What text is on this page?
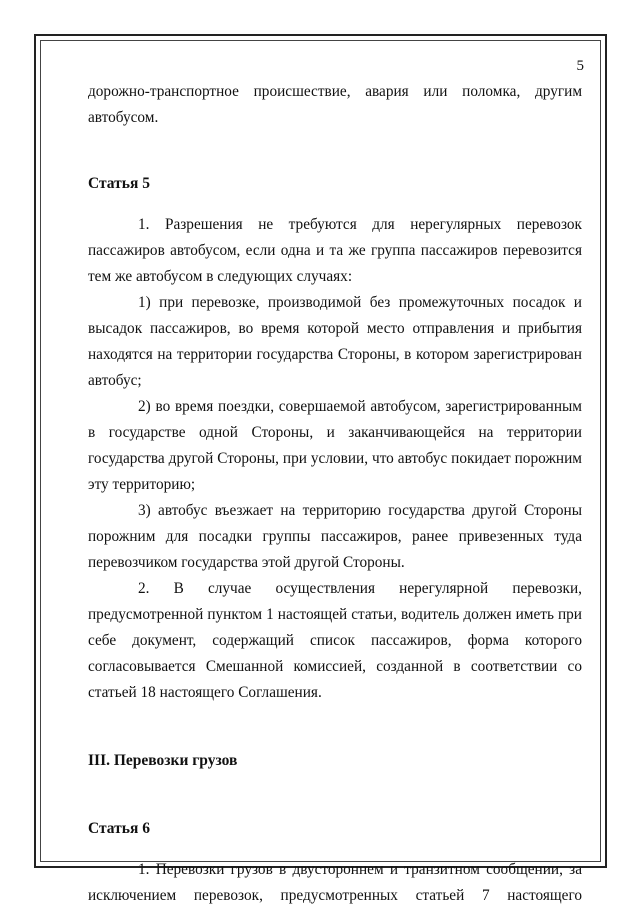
5

дорожно-транспортное происшествие, авария или поломка, другим автобусом.

Статья 5

1. Разрешения не требуются для нерегулярных перевозок пассажиров автобусом, если одна и та же группа пассажиров перевозится тем же автобусом в следующих случаях:

1) при перевозке, производимой без промежуточных посадок и высадок пассажиров, во время которой место отправления и прибытия находятся на территории государства Стороны, в котором зарегистрирован автобус;

2) во время поездки, совершаемой автобусом, зарегистрированным в государстве одной Стороны, и заканчивающейся на территории государства другой Стороны, при условии, что автобус покидает порожним эту территорию;

3) автобус въезжает на территорию государства другой Стороны порожним для посадки группы пассажиров, ранее привезенных туда перевозчиком государства этой другой Стороны.

2. В случае осуществления нерегулярной перевозки, предусмотренной пунктом 1 настоящей статьи, водитель должен иметь при себе документ, содержащий список пассажиров, форма которого согласовывается Смешанной комиссией, созданной в соответствии со статьей 18 настоящего Соглашения.

III. Перевозки грузов

Статья 6

1. Перевозки грузов в двустороннем и транзитном сообщении, за исключением перевозок, предусмотренных статьей 7 настоящего
